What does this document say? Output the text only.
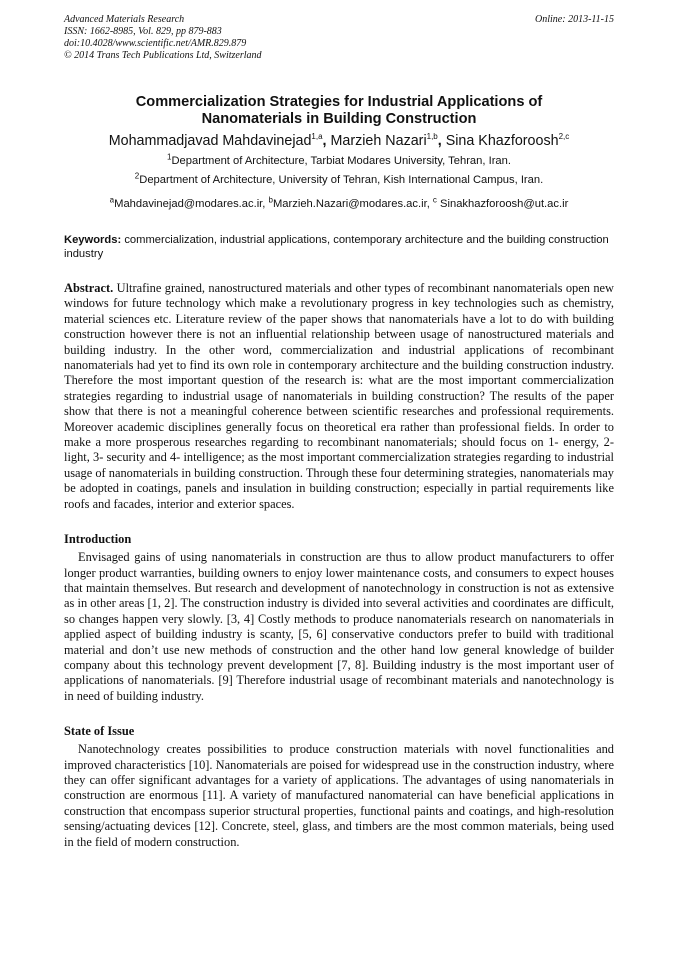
Advanced Materials Research	Online: 2013-11-15
ISSN: 1662-8985, Vol. 829, pp 879-883
doi:10.4028/www.scientific.net/AMR.829.879
© 2014 Trans Tech Publications Ltd, Switzerland
Commercialization Strategies for Industrial Applications of
Nanomaterials in Building Construction
Mohammadjavad Mahdavinejad$^{1,a}$, Marzieh Nazari$^{1,b}$, Sina Khazforoosh$^{2,c}$
$^1$Department of Architecture, Tarbiat Modares University, Tehran, Iran.
$^2$Department of Architecture, University of Tehran, Kish International Campus, Iran.
$^a$Mahdavinejad@modares.ac.ir, $^b$Marzieh.Nazari@modares.ac.ir, $^c$ Sinakhazforoosh@ut.ac.ir
Keywords: commercialization, industrial applications, contemporary architecture and the building construction industry

Abstract. Ultrafine grained, nanostructured materials and other types of recombinant nanomaterials open new windows for future technology which make a revolutionary progress in key technologies such as chemistry, material sciences etc. Literature review of the paper shows that nanomaterials have a lot to do with building construction however there is not an influential relationship between usage of nanostructured materials and building industry. In the other word, commercialization and industrial applications of recombinant nanomaterials had yet to find its own role in contemporary architecture and the building construction industry. Therefore the most important question of the research is: what are the most important commercialization strategies regarding to industrial usage of nanomaterials in building construction? The results of the paper show that there is not a meaningful coherence between scientific researches and professional requirements. Moreover academic disciplines generally focus on theoretical era rather than professional fields. In order to make a more prosperous researches regarding to recombinant nanomaterials; should focus on 1- energy, 2- light, 3- security and 4- intelligence; as the most important commercialization strategies regarding to industrial usage of nanomaterials in building construction. Through these four determining strategies, nanomaterials may be adopted in coatings, panels and insulation in building construction; especially in partial requirements like roofs and facades, interior and exterior spaces.

Introduction

Envisaged gains of using nanomaterials in construction are thus to allow product manufacturers to offer longer product warranties, building owners to enjoy lower maintenance costs, and consumers to expect houses that maintain themselves. But research and development of nanotechnology in construction is not as extensive as in other areas [1, 2]. The construction industry is divided into several activities and coordinates are difficult, so changes happen very slowly. [3, 4] Costly methods to produce nanomaterials research on nanomaterials in applied aspect of building industry is scanty, [5, 6] conservative conductors prefer to build with traditional material and don’t use new methods of construction and the other hand low general knowledge of builder company about this technology prevent development [7, 8]. Building industry is the most important user of applications of nanomaterials. [9] Therefore industrial usage of recombinant materials and nanotechnology is in need of building industry.

State of Issue

Nanotechnology creates possibilities to produce construction materials with novel functionalities and improved characteristics [10]. Nanomaterials are poised for widespread use in the construction industry, where they can offer significant advantages for a variety of applications. The advantages of using nanomaterials in construction are enormous [11]. A variety of manufactured nanomaterial can have beneficial applications in construction that encompass superior structural properties, functional paints and coatings, and high-resolution sensing/actuating devices [12]. Concrete, steel, glass, and timbers are the most common materials, being used in the field of modern construction.
